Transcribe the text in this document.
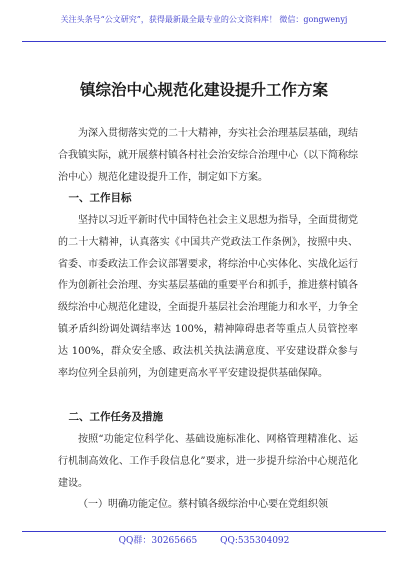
关注头条号“公文研究”，获得最新最全最专业的公文资料库！ 微信：gongwenyj
镇综治中心规范化建设提升工作方案
为深入贯彻落实党的二十大精神，夯实社会治理基层基础，现结合我镇实际，就开展蔡村镇各村社会治安综合治理中心（以下简称综治中心）规范化建设提升工作，制定如下方案。
一、工作目标
坚持以习近平新时代中国特色社会主义思想为指导，全面贯彻党的二十大精神，认真落实《中国共产党政法工作条例》，按照中央、省委、市委政法工作会议部署要求，将综治中心实体化、实战化运行作为创新社会治理、夯实基层基础的重要平台和抓手，推进蔡村镇各级综治中心规范化建设，全面提升基层社会治理能力和水平，力争全镇矛盾纠纷调处调结率达 100%，精神障碍患者等重点人员管控率达 100%，群众安全感、政法机关执法满意度、平安建设群众参与率均位列全县前列，为创建更高水平平安建设提供基础保障。
二、工作任务及措施
按照“功能定位科学化、基础设施标准化、网格管理精准化、运行机制高效化、工作手段信息化”要求，进一步提升综治中心规范化建设。
（一）明确功能定位。蔡村镇各级综治中心要在党组织领
QQ群：30265665	QQ:535304092
